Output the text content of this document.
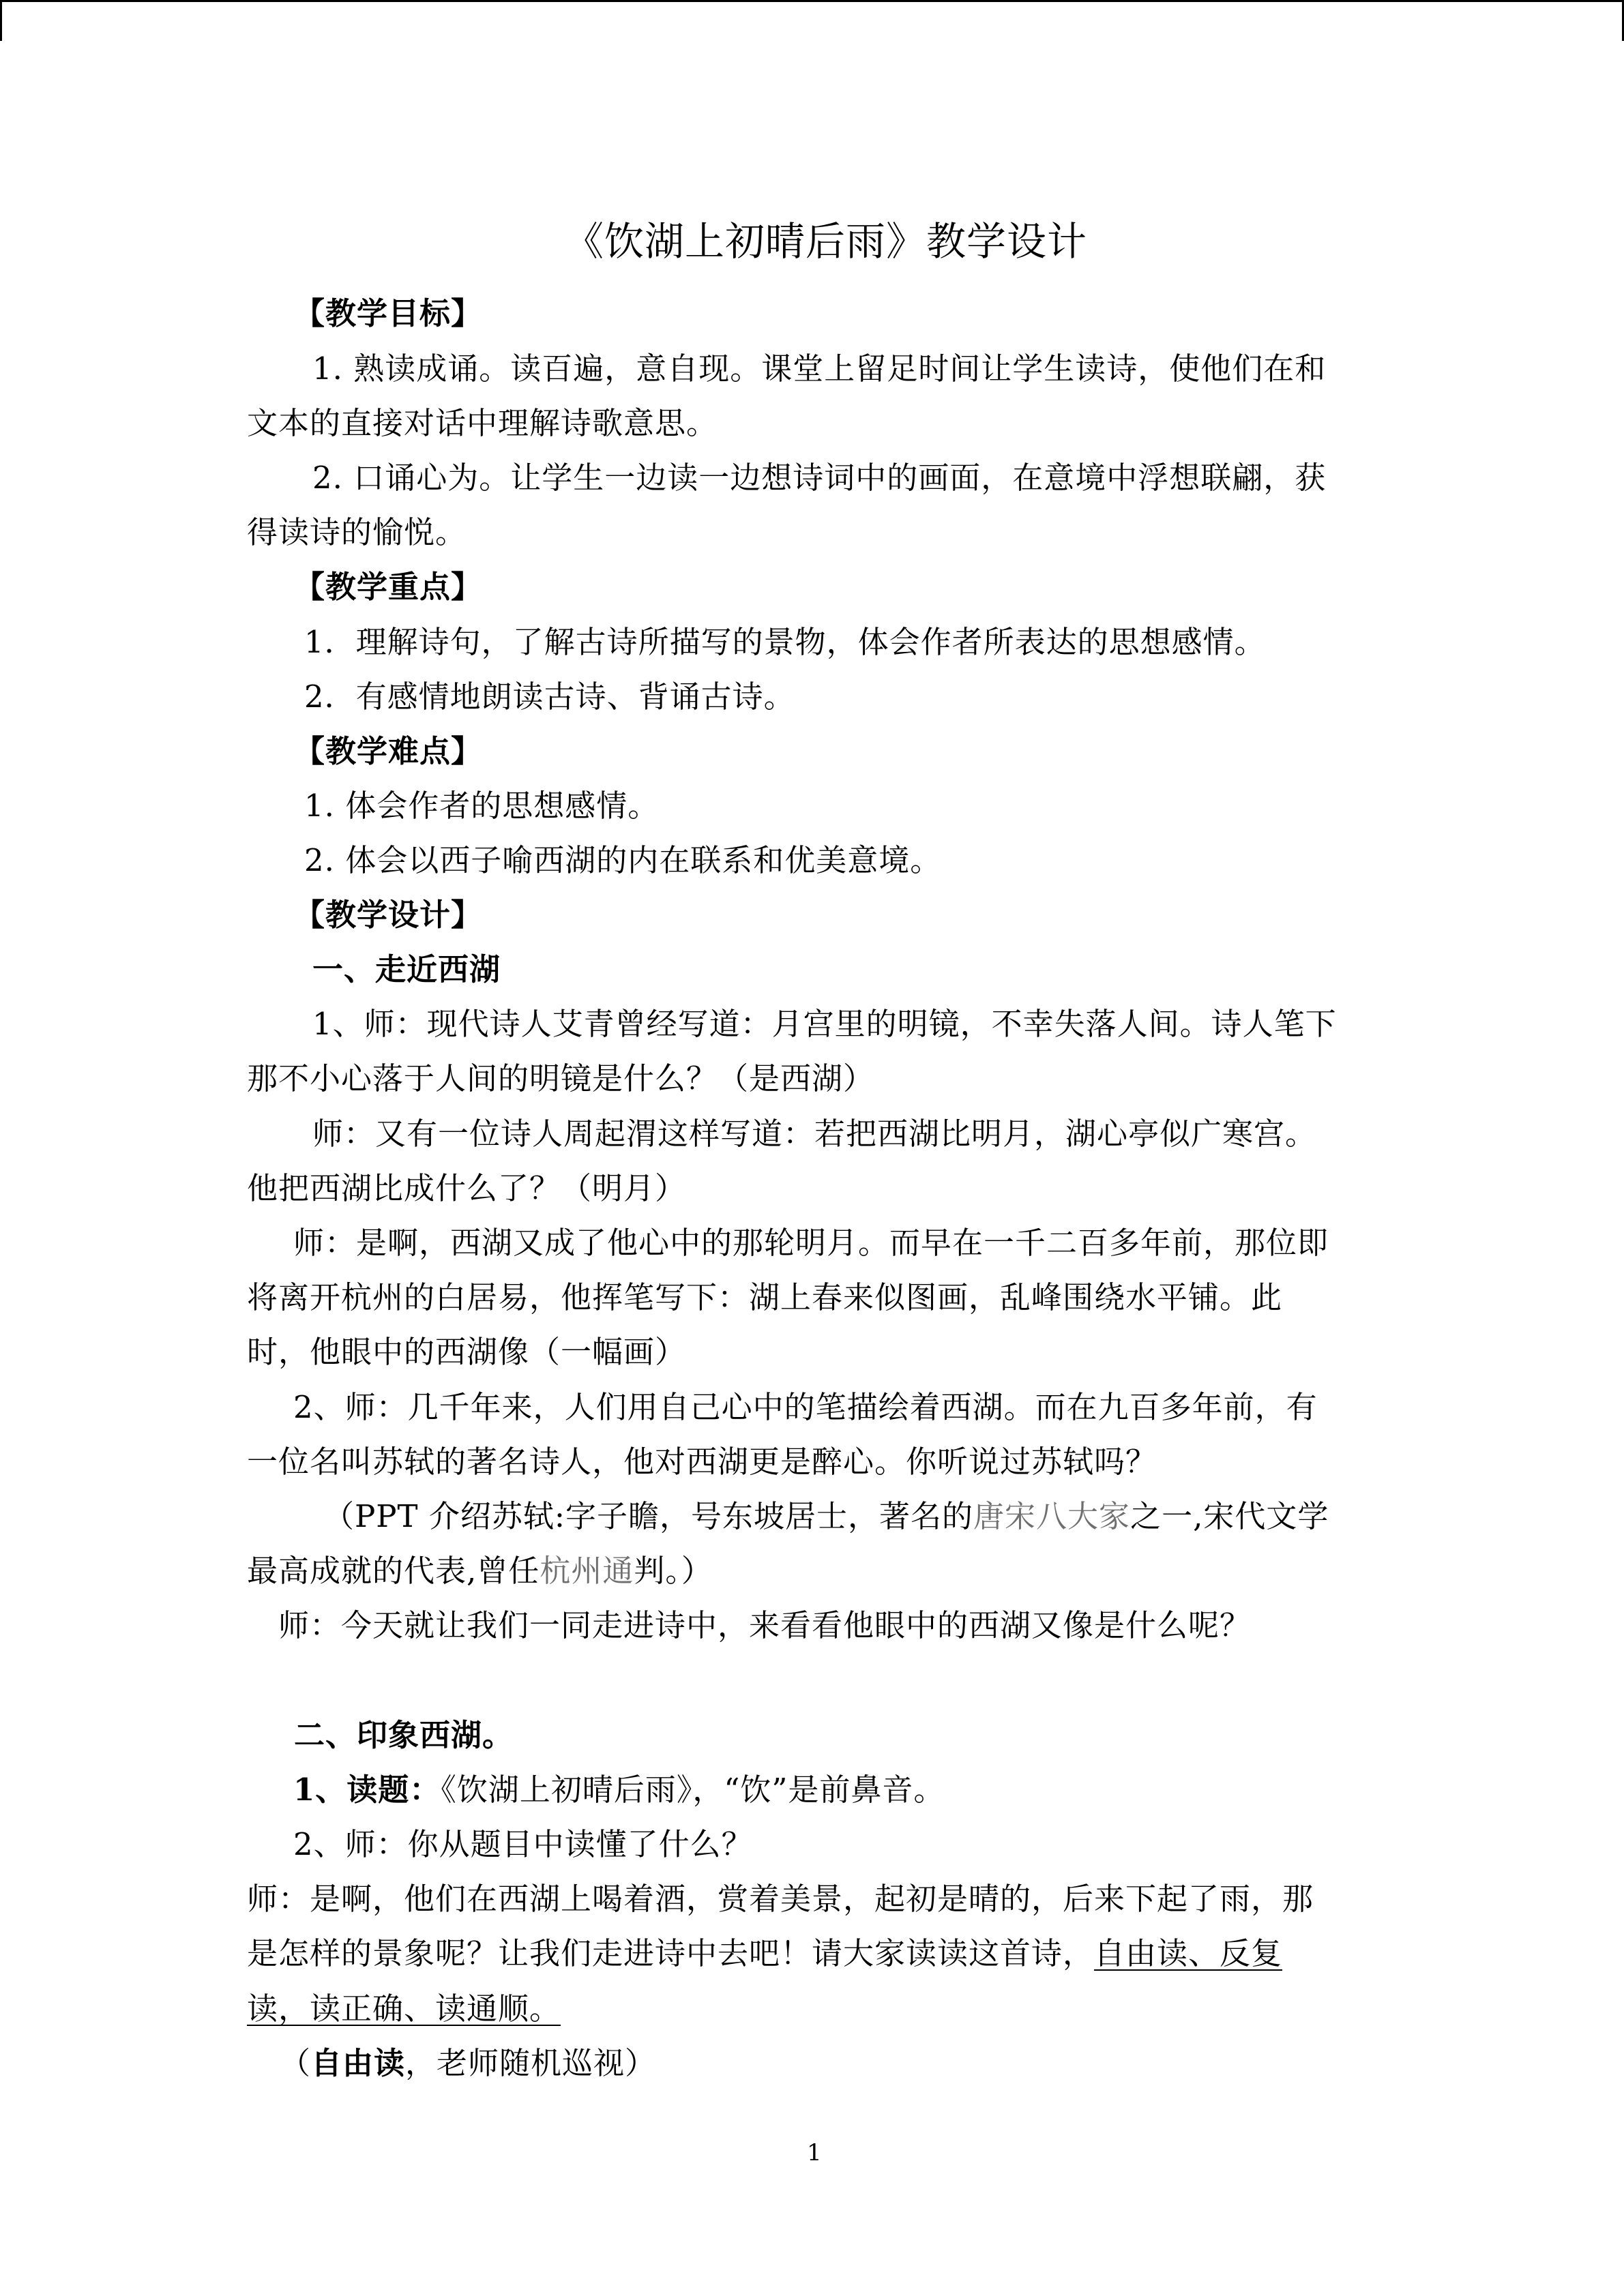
《饮湖上初晴后雨》教学设计
【教学目标】
1. 熟读成诵。读百遍，意自现。课堂上留足时间让学生读诗，使他们在和
文本的直接对话中理解诗歌意思。
2. 口诵心为。让学生一边读一边想诗词中的画面，在意境中浮想联翩，获
得读诗的愉悦。
【教学重点】
1．理解诗句，了解古诗所描写的景物，体会作者所表达的思想感情。
2．有感情地朗读古诗、背诵古诗。
【教学难点】
1. 体会作者的思想感情。
2. 体会以西子喻西湖的内在联系和优美意境。
【教学设计】
一、走近西湖
1、师：现代诗人艾青曾经写道：月宫里的明镜，不幸失落人间。诗人笔下
那不小心落于人间的明镜是什么？（是西湖）
师：又有一位诗人周起渭这样写道：若把西湖比明月，湖心亭似广寒宫。
他把西湖比成什么了？（明月）
师：是啊，西湖又成了他心中的那轮明月。而早在一千二百多年前，那位即
将离开杭州的白居易，他挥笔写下：湖上春来似图画，乱峰围绕水平铺。此
时，他眼中的西湖像（一幅画）
2、师：几千年来，人们用自己心中的笔描绘着西湖。而在九百多年前，有
一位名叫苏轼的著名诗人，他对西湖更是醉心。你听说过苏轼吗？
（PPT 介绍苏轼:字子瞻，号东坡居士，著名的唐宋八大家之一,宋代文学
最高成就的代表,曾任杭州通判。）
师：今天就让我们一同走进诗中，来看看他眼中的西湖又像是什么呢？
二、印象西湖。
1、读题：《饮湖上初晴后雨》，“饮”是前鼻音。
2、师：你从题目中读懂了什么？
师：是啊，他们在西湖上喝着酒，赏着美景，起初是晴的，后来下起了雨，那
是怎样的景象呢？让我们走进诗中去吧！请大家读读这首诗，自由读、反复
读，读正确、读通顺。
（自由读，老师随机巡视）
1
